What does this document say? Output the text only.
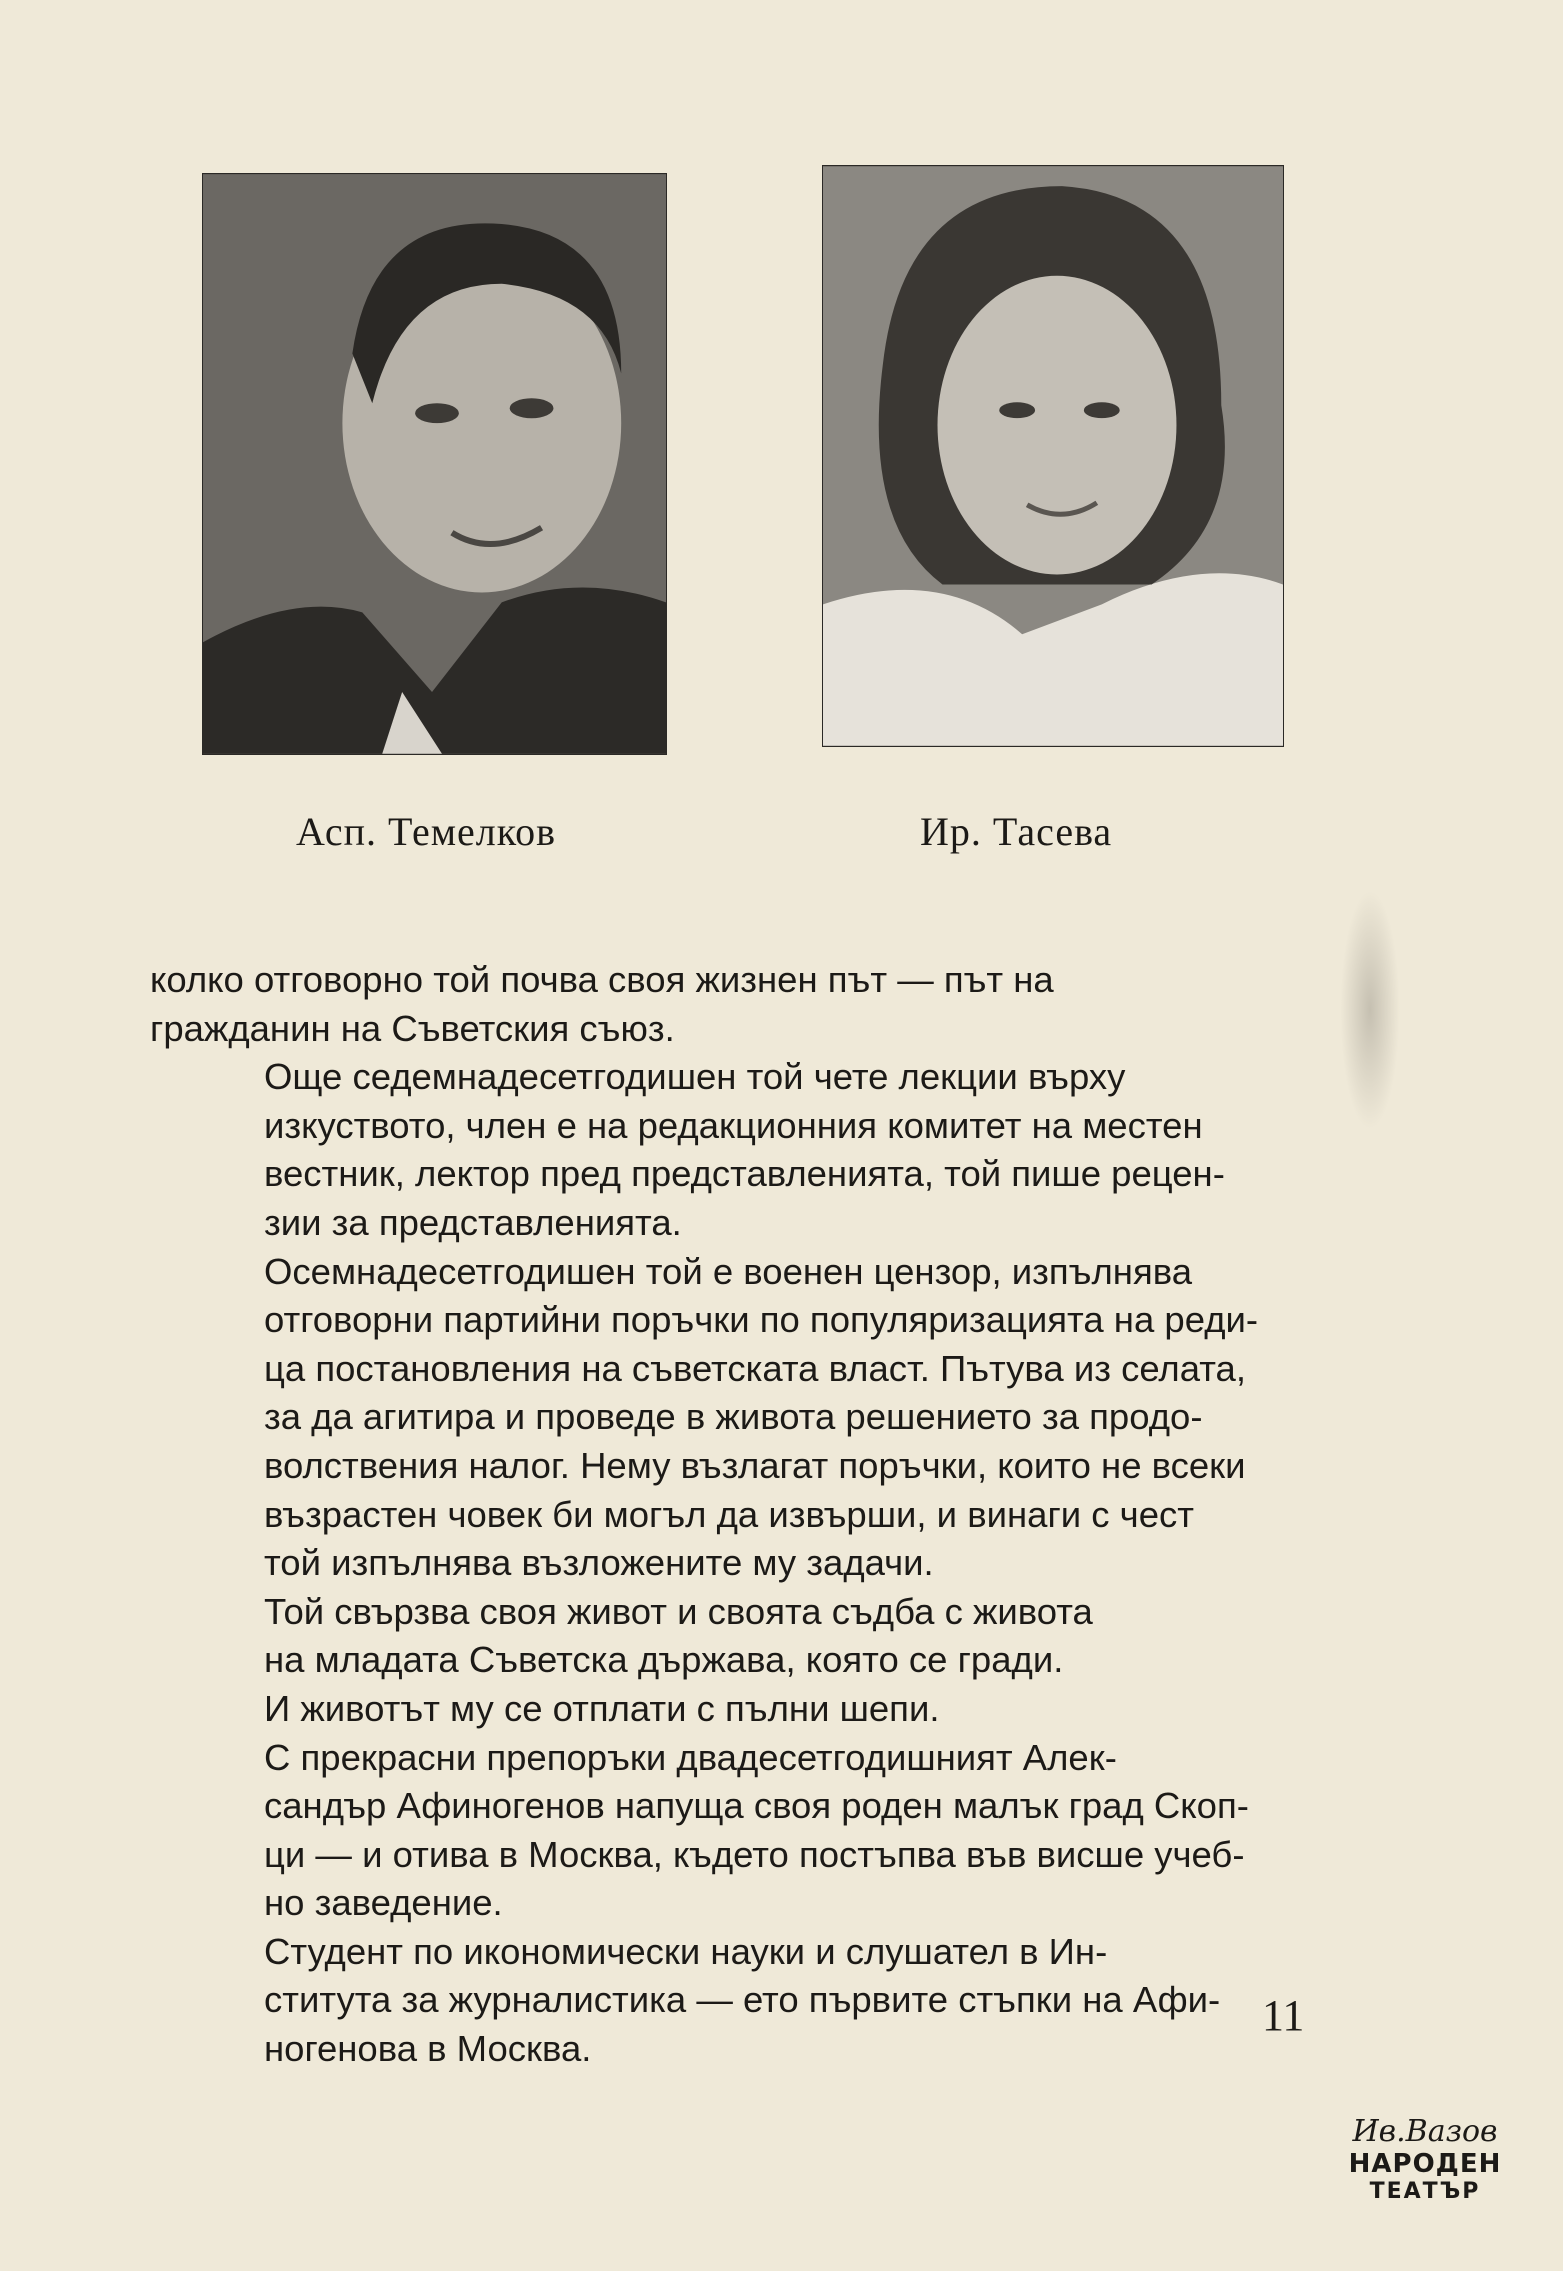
Асп. Темелков	Ир. Тасева
колко отговорно той почва своя жизнен път — път на
гражданин на Съветския съюз.
Още седемнадесетгодишен той чете лекции върху
изкуството, член е на редакционния комитет на местен
вестник, лектор пред представленията, той пише рецен-
зии за представленията.
Осемнадесетгодишен той е военен цензор, изпълнява
отговорни партийни поръчки по популяризацията на реди-
ца постановления на съветската власт. Пътува из селата,
за да агитира и проведе в живота решението за продо-
волствения налог. Нему възлагат поръчки, които не всеки
възрастен човек би могъл да извърши, и винаги с чест
той изпълнява възложените му задачи.
Той свързва своя живот и своята съдба с живота
на младата Съветска държава, която се гради.
И животът му се отплати с пълни шепи.
С прекрасни препоръки двадесетгодишният Алек-
сандър Афиногенов напуща своя роден малък град Скоп-
ци — и отива в Москва, където постъпва във висше учеб-
но заведение.
Студент по икономически науки и слушател в Ин-
ститута за журналистика — ето първите стъпки на Афи-
ногенова в Москва.
11
Ив.Вазов
НАРОДЕН
ТЕАТЪР
